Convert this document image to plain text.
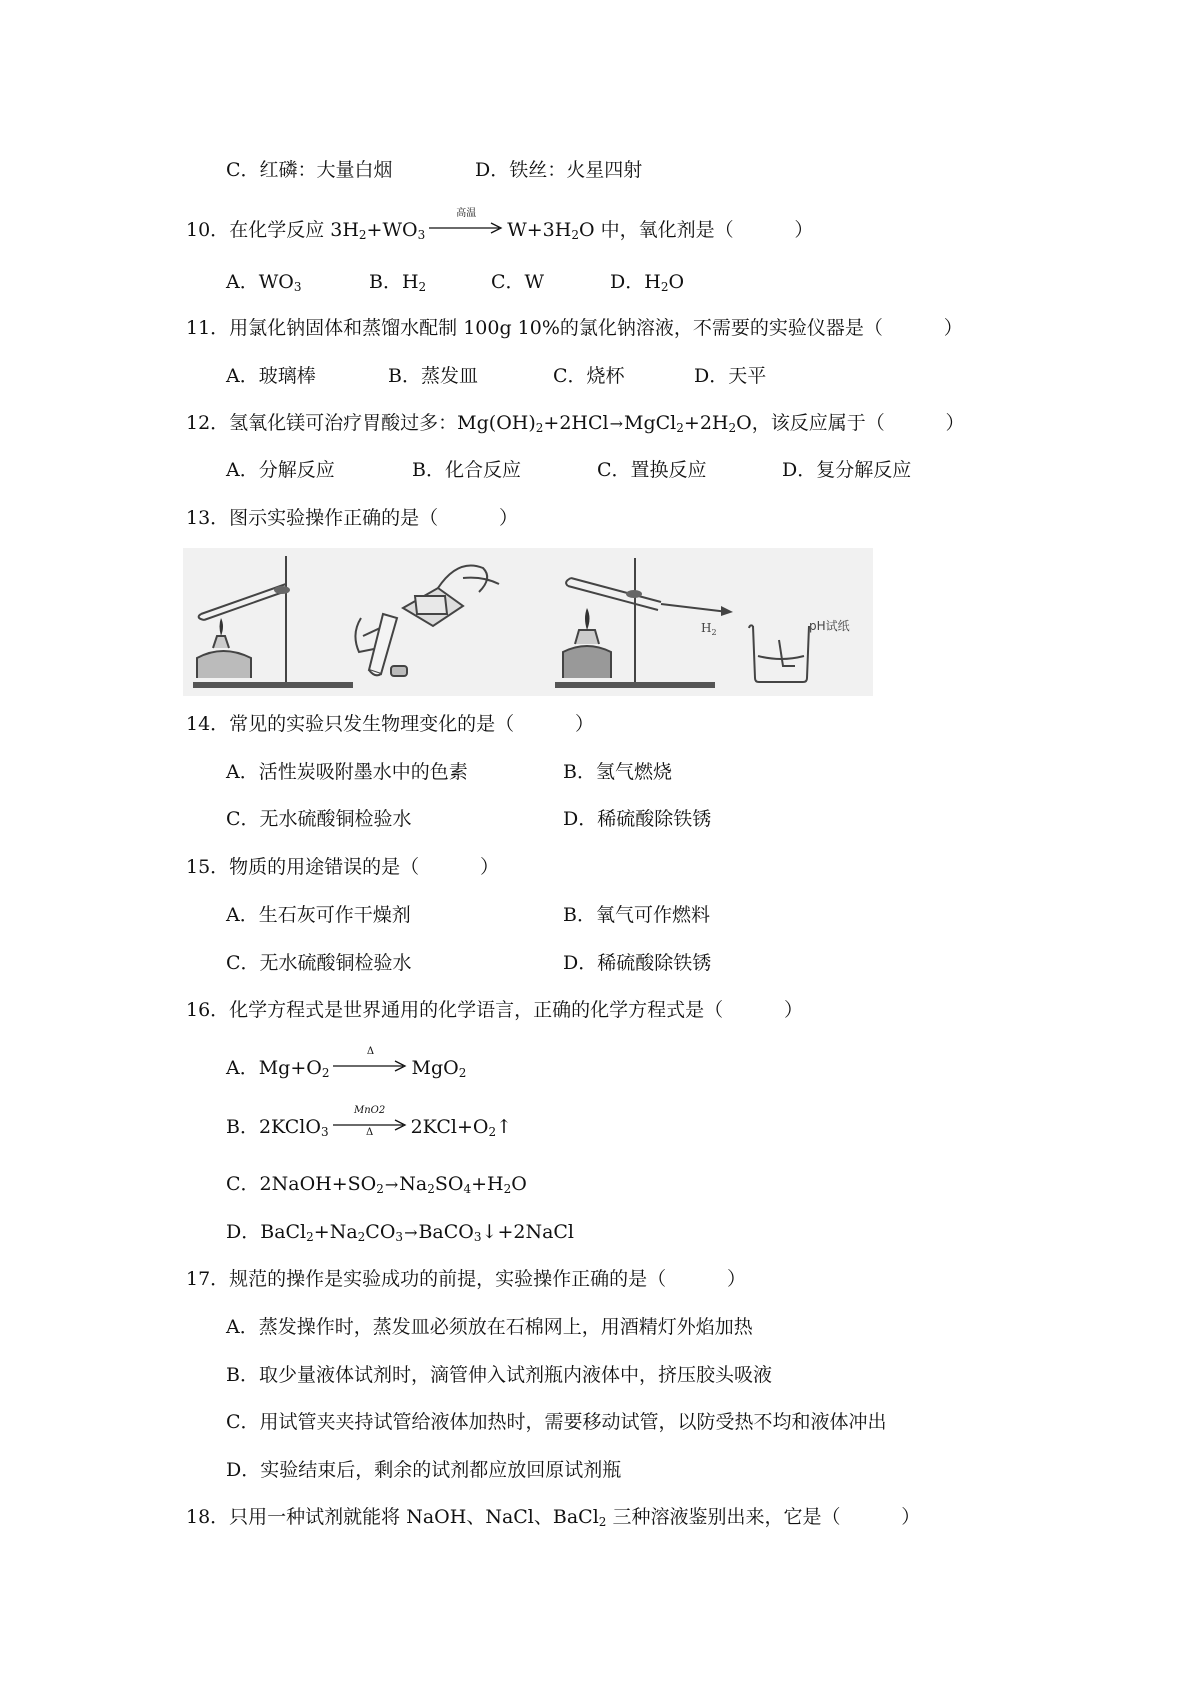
C．红磷：大量白烟	D．铁丝：火星四射
10．在化学反应 $3H_2+WO_3$
高温
$W+3H_2O$ 中，氧化剂是（	）
A．$WO_3$	B．$H_2$	C．W	D．$H_2O$
11．用氯化钠固体和蒸馏水配制 100g 10%的氯化钠溶液，不需要的实验仪器是（	）
A．玻璃棒	B．蒸发皿	C．烧杯	D．天平
12．氢氧化镁可治疗胃酸过多：$Mg(OH)_2+2HCl\to MgCl_2+2H_2O$，该反应属于（	）
A．分解反应	B．化合反应	C．置换反应	D．复分解反应
13．图示实验操作正确的是（	）
$H_2$	pH试纸
14．常见的实验只发生物理变化的是（	）
A．活性炭吸附墨水中的色素	B．氢气燃烧
C．无水硫酸铜检验水	D．稀硫酸除铁锈
15．物质的用途错误的是（	）
A．生石灰可作干燥剂	B．氧气可作燃料
C．无水硫酸铜检验水	D．稀硫酸除铁锈
16．化学方程式是世界通用的化学语言，正确的化学方程式是（	）
A．$Mg+O_2$
Δ
MgO$_2$
B．2KClO$_3$
MnO2
Δ	$2KCl+O_2↑$
C．$2NaOH+SO_2\to Na_2SO_4+H_2O$
D．$BaCl_2+Na_2CO_3\to BaCO_3↓+2NaCl$
17．规范的操作是实验成功的前提，实验操作正确的是（	）
A．蒸发操作时，蒸发皿必须放在石棉网上，用酒精灯外焰加热
B．取少量液体试剂时，滴管伸入试剂瓶内液体中，挤压胶头吸液
C．用试管夹夹持试管给液体加热时，需要移动试管，以防受热不均和液体冲出
D．实验结束后，剩余的试剂都应放回原试剂瓶
18．只用一种试剂就能将 NaOH、NaCl、BaCl$_2$ 三种溶液鉴别出来，它是（	）
